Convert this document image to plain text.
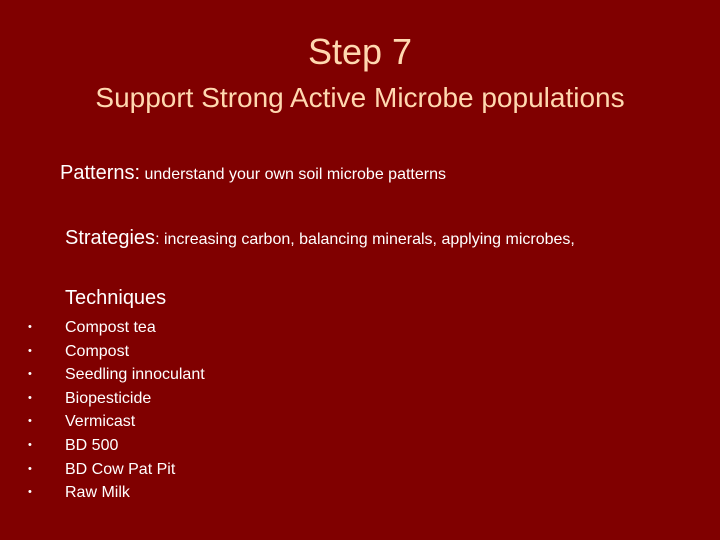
Step 7
Support Strong Active Microbe populations
Patterns: understand your own soil microbe patterns
Strategies: increasing carbon, balancing minerals, applying microbes,
Techniques
• Compost tea
• Compost
• Seedling innoculant
• Biopesticide
• Vermicast
• BD 500
• BD Cow Pat Pit
• Raw Milk
